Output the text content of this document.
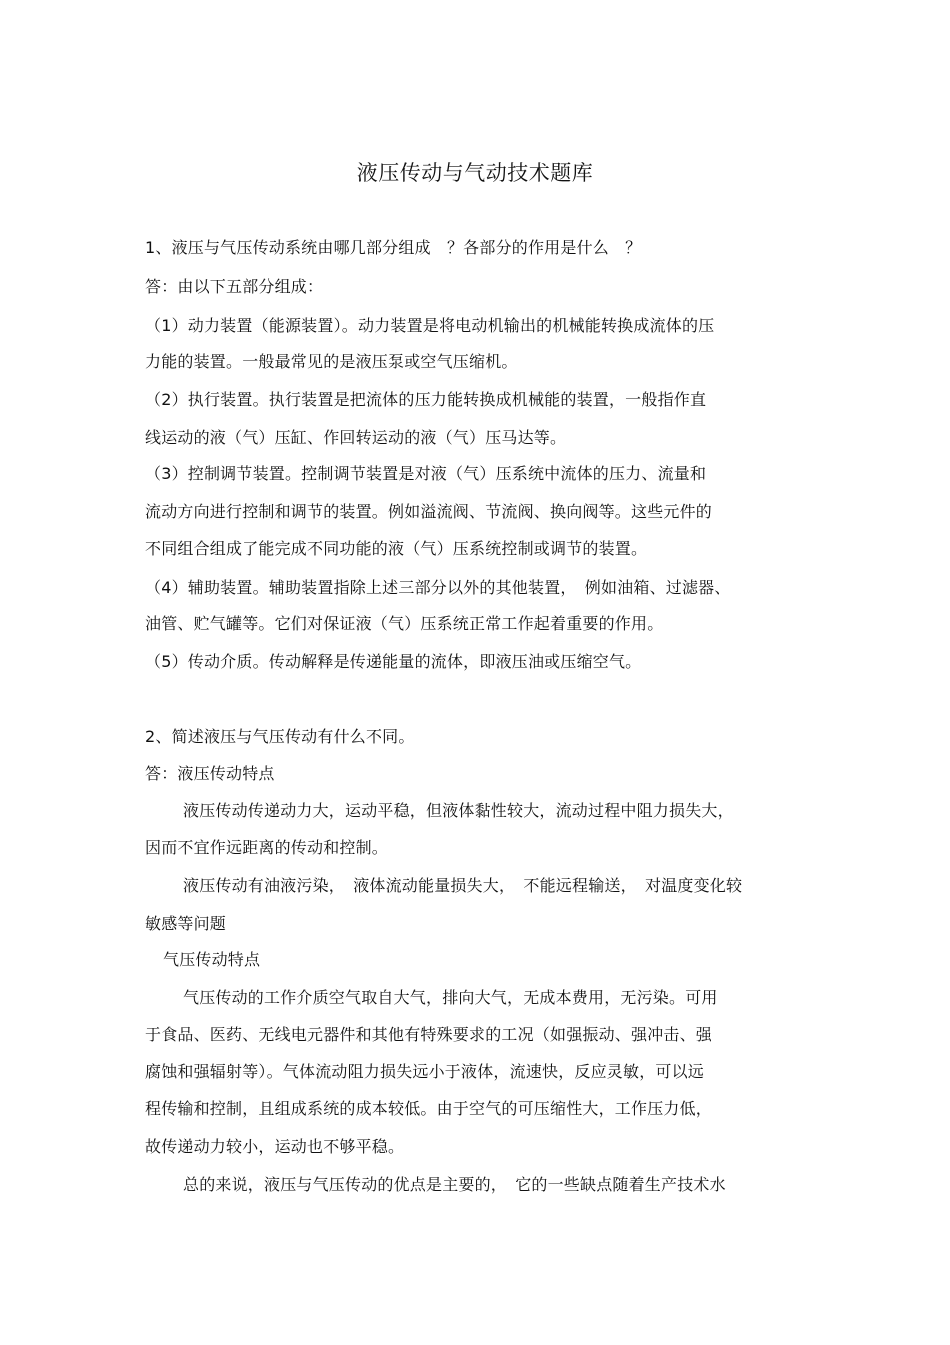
液压传动与气动技术题库
1、液压与气压传动系统由哪几部分组成　？各部分的作用是什么　？
答：由以下五部分组成：
（1）动力装置（能源装置）。动力装置是将电动机输出的机械能转换成流体的压
力能的装置。一般最常见的是液压泵或空气压缩机。
（2）执行装置。执行装置是把流体的压力能转换成机械能的装置，一般指作直
线运动的液（气）压缸、作回转运动的液（气）压马达等。
（3）控制调节装置。控制调节装置是对液（气）压系统中流体的压力、流量和
流动方向进行控制和调节的装置。例如溢流阀、节流阀、换向阀等。这些元件的
不同组合组成了能完成不同功能的液（气）压系统控制或调节的装置。
（4）辅助装置。辅助装置指除上述三部分以外的其他装置，　例如油箱、过滤器、
油管、贮气罐等。它们对保证液（气）压系统正常工作起着重要的作用。
（5）传动介质。传动解释是传递能量的流体，即液压油或压缩空气。
2、简述液压与气压传动有什么不同。
答：液压传动特点
液压传动传递动力大，运动平稳，但液体黏性较大，流动过程中阻力损失大，
因而不宜作远距离的传动和控制。
液压传动有油液污染，　液体流动能量损失大，　不能远程输送，　对温度变化较
敏感等问题
气压传动特点
气压传动的工作介质空气取自大气，排向大气，无成本费用，无污染。可用
于食品、医药、无线电元器件和其他有特殊要求的工况（如强振动、强冲击、强
腐蚀和强辐射等）。气体流动阻力损失远小于液体，流速快，反应灵敏，可以远
程传输和控制，且组成系统的成本较低。由于空气的可压缩性大，工作压力低，
故传递动力较小，运动也不够平稳。
总的来说，液压与气压传动的优点是主要的，　它的一些缺点随着生产技术水
